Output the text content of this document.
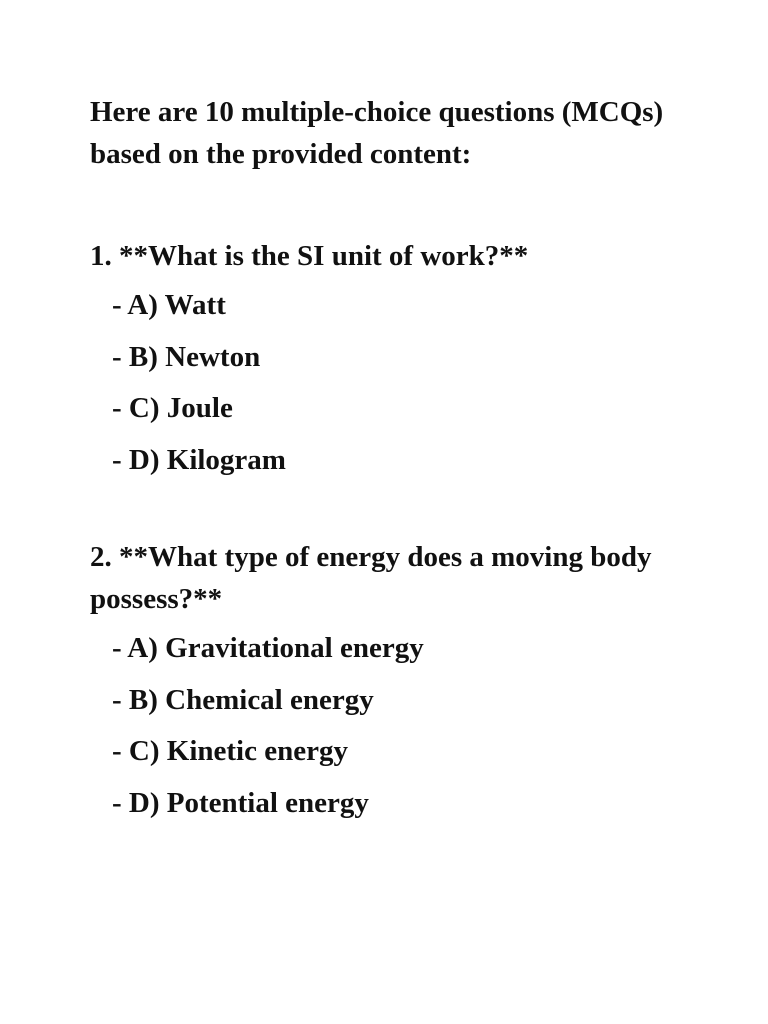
Here are 10 multiple-choice questions (MCQs) based on the provided content:

1. **What is the SI unit of work?**

- A) Watt
- B) Newton
- C) Joule
- D) Kilogram

2. **What type of energy does a moving body possess?**

- A) Gravitational energy
- B) Chemical energy
- C) Kinetic energy
- D) Potential energy
